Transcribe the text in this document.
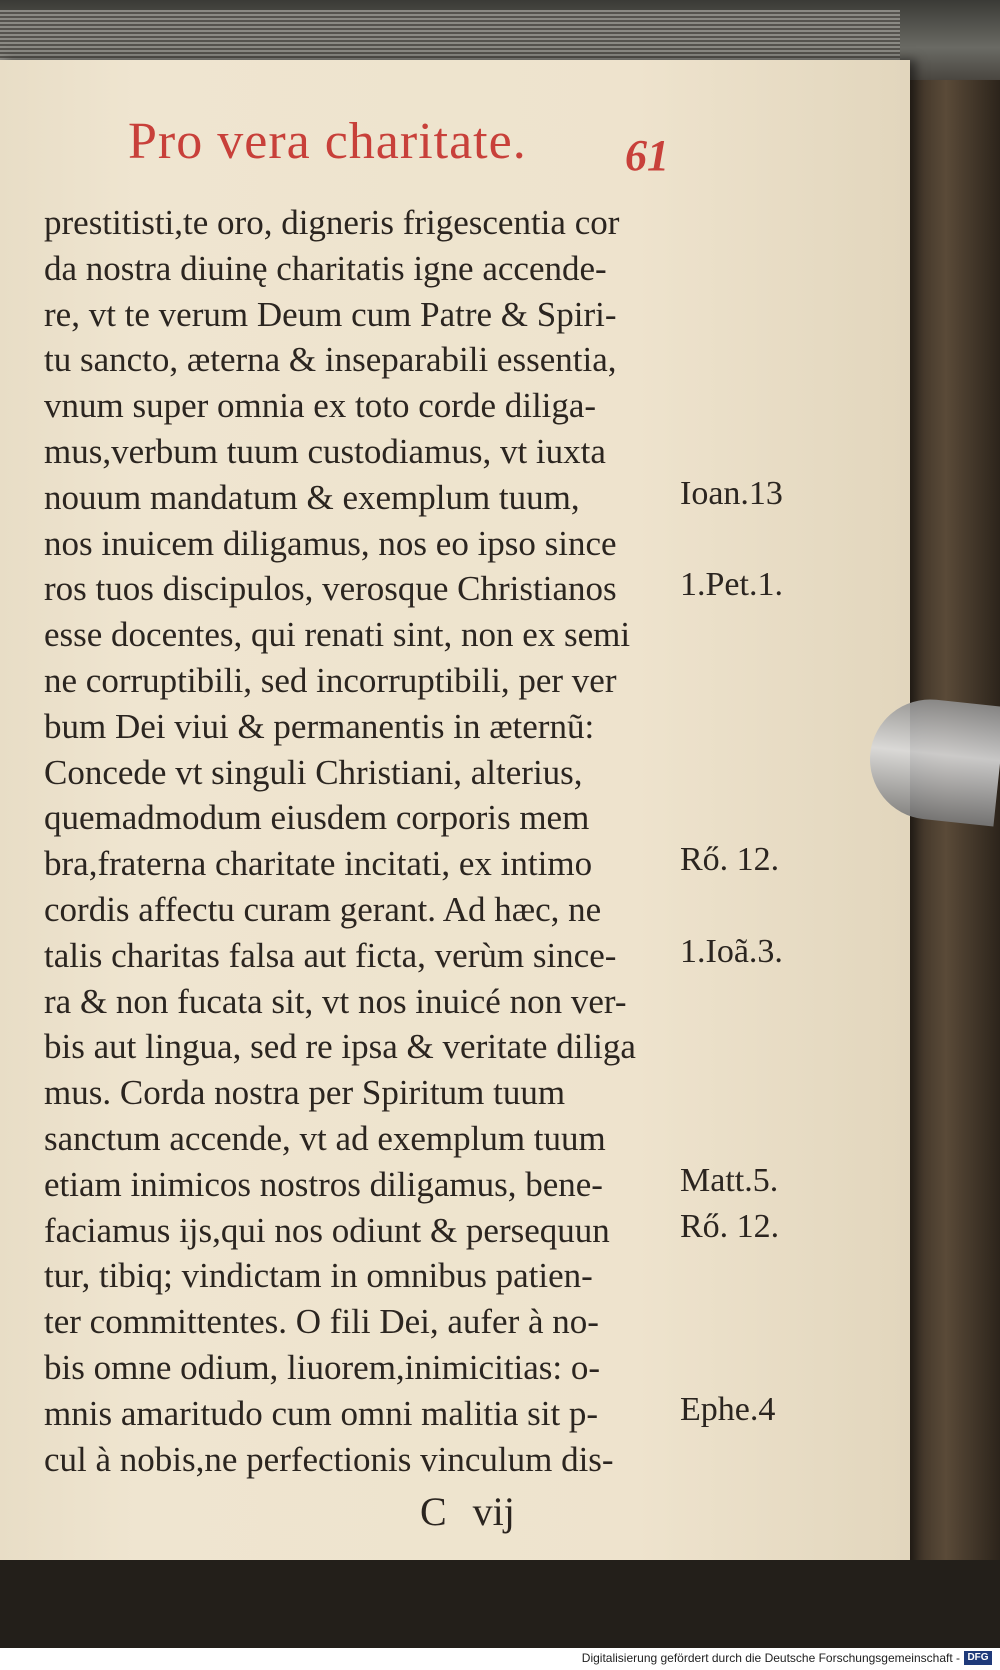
Pro vera charitate. 61
prestitisti,te oro, digneris frigescentia cor
da nostra diuinę charitatis igne accende-
re, vt te verum Deum cum Patre & Spiri-
tu sancto, æterna & inseparabili essentia,
vnum super omnia ex toto corde diliga-
mus,verbum tuum custodiamus, vt iuxta
nouum mandatum & exemplum tuum,
nos inuicem diligamus, nos eo ipso since
ros tuos discipulos, verosque Christianos
esse docentes, qui renati sint, non ex semi
ne corruptibili, sed incorruptibili, per ver
bum Dei viui & permanentis in æternũ:
Concede vt singuli Christiani, alterius,
quemadmodum eiusdem corporis mem
bra,fraterna charitate incitati, ex intimo
cordis affectu curam gerant. Ad hæc, ne
talis charitas falsa aut ficta, verùm since-
ra & non fucata sit, vt nos inuicé non ver-
bis aut lingua, sed re ipsa & veritate diliga
mus. Corda nostra per Spiritum tuum
sanctum accende, vt ad exemplum tuum
etiam inimicos nostros diligamus, bene-
faciamus ijs,qui nos odiunt & persequun
tur, tibiq; vindictam in omnibus patien-
ter committentes. O fili Dei, aufer à no-
bis omne odium, liuorem,inimicitias: o-
mnis amaritudo cum omni malitia sit p-
cul à nobis,ne perfectionis vinculum dis-
Ioan.13
1.Pet.1.
Rő. 12.
1.Ioã.3.
Matt.5.
Rő. 12.
Ephe.4
C vij
Digitalisierung gefördert durch die Deutsche Forschungsgemeinschaft - DFG
